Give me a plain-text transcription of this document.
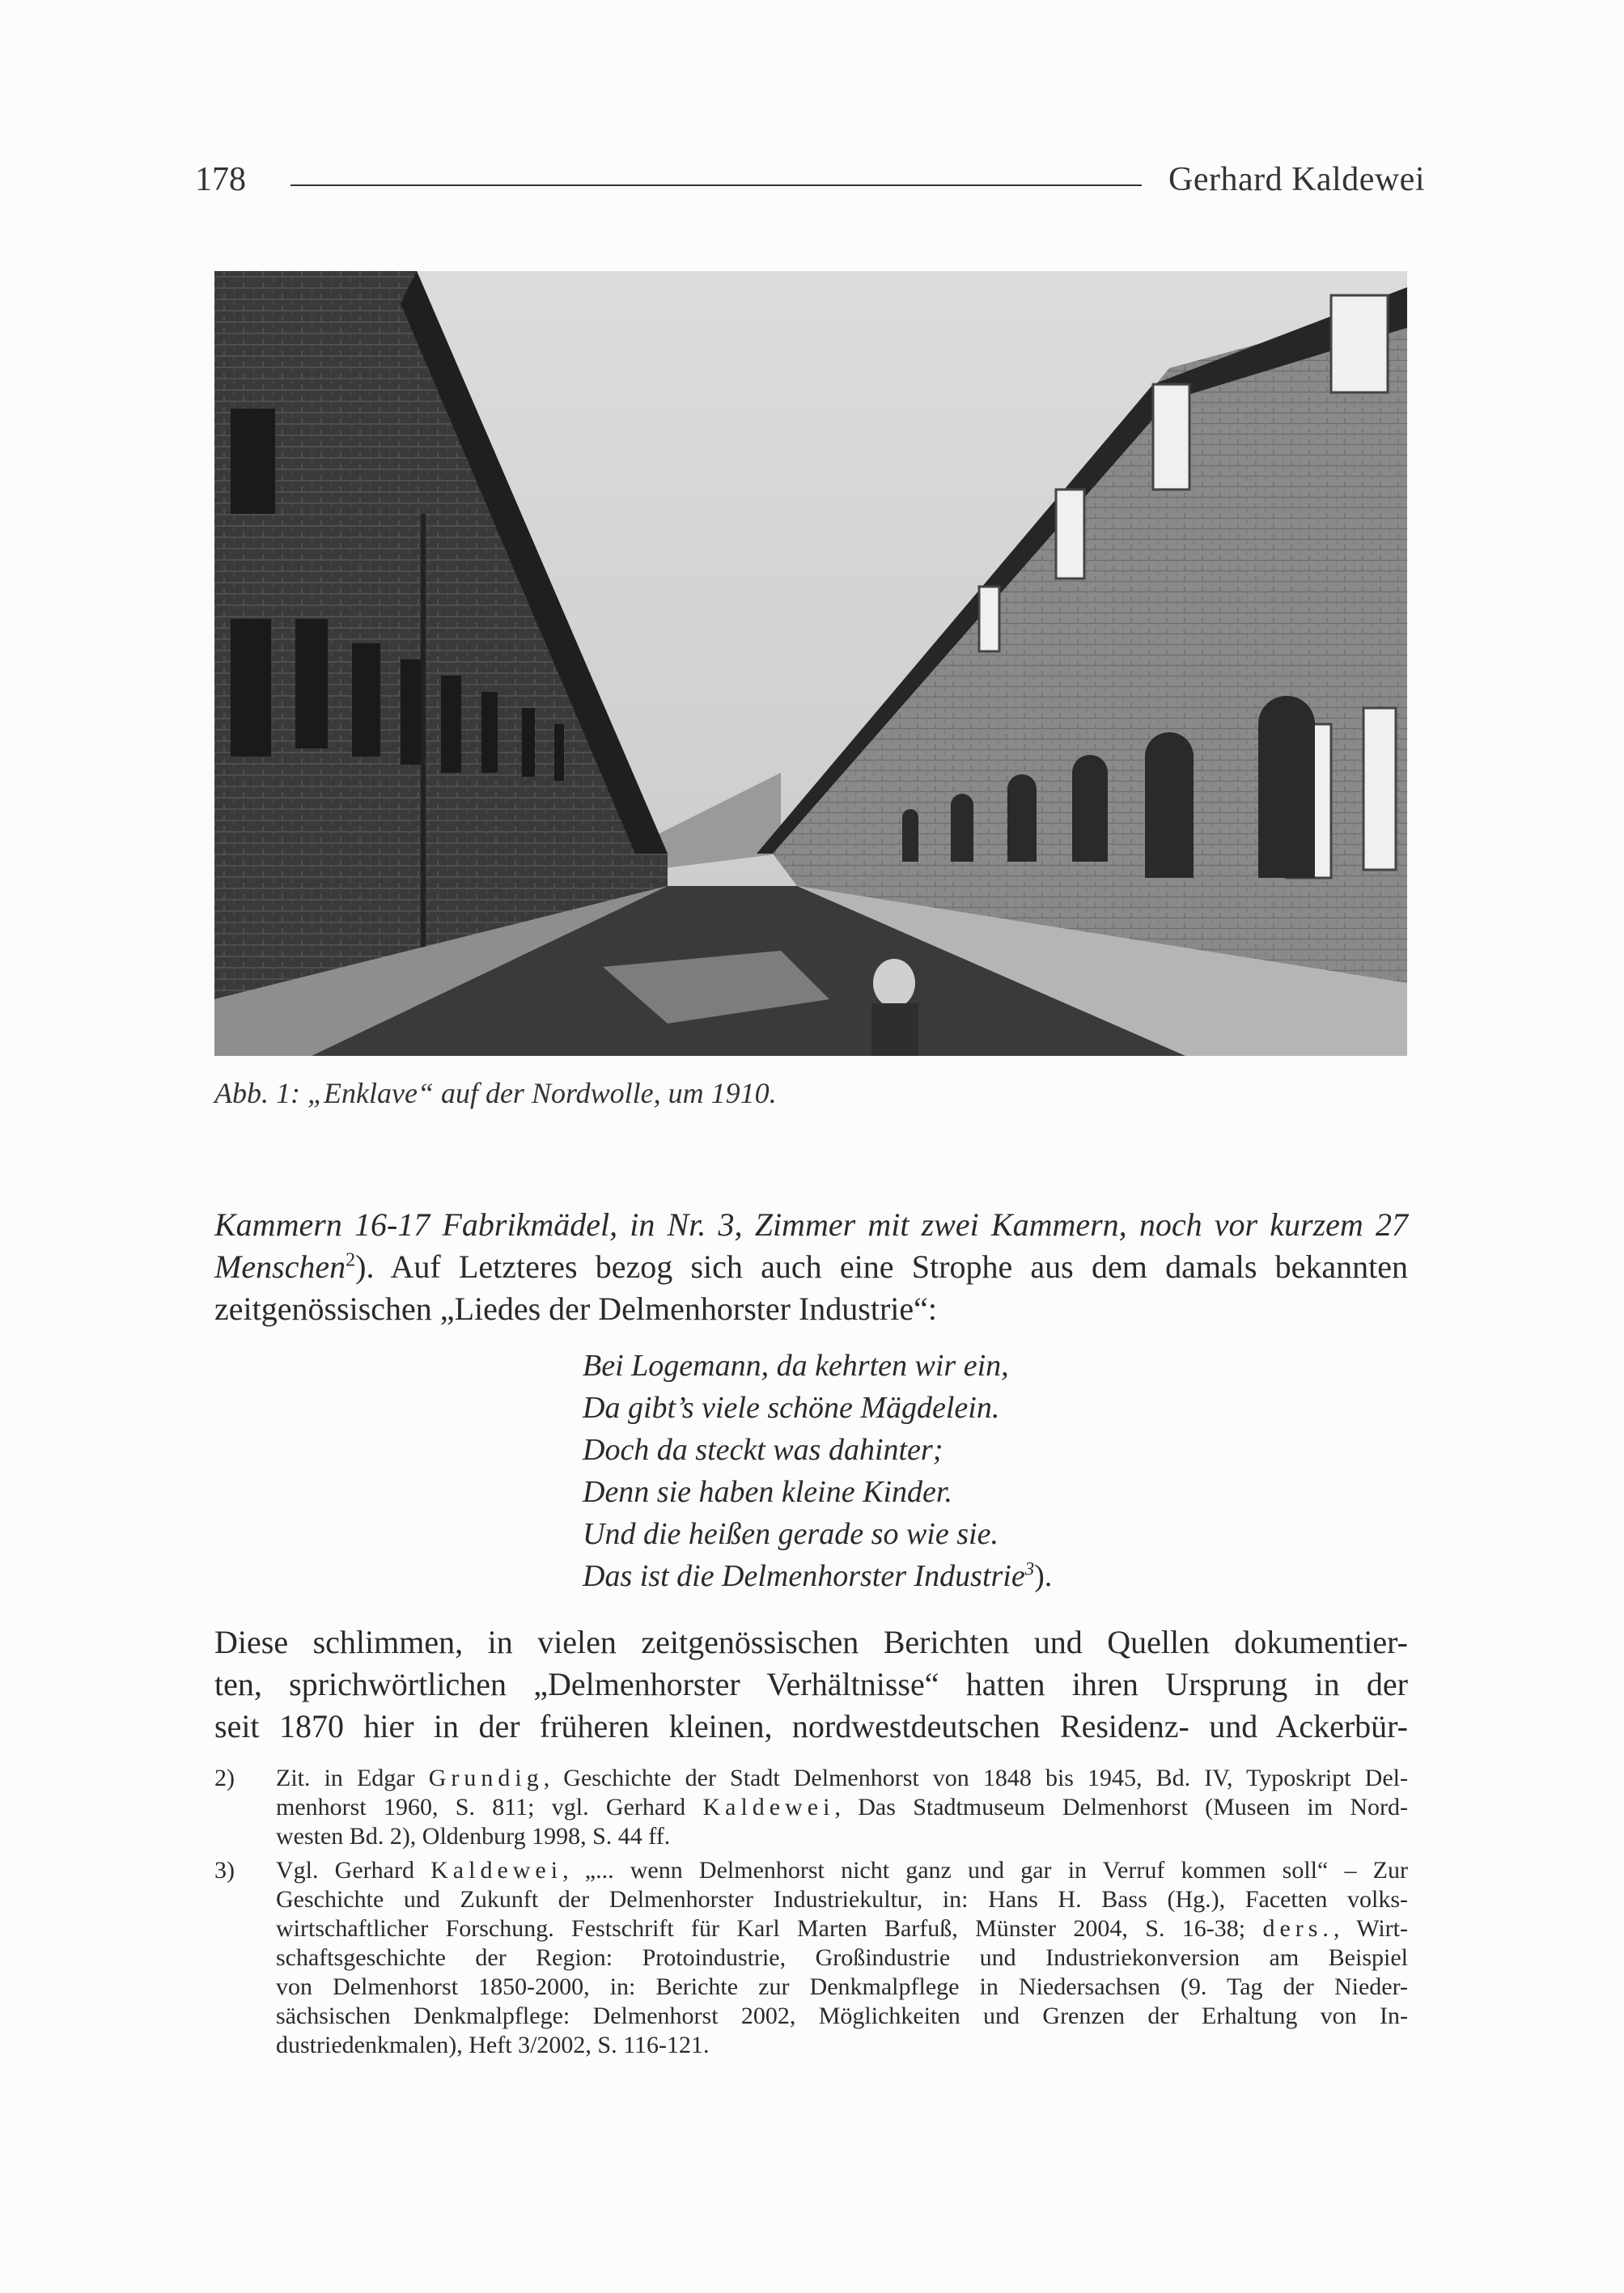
178	Gerhard Kaldewei
Abb. 1: „Enklave“ auf der Nordwolle, um 1910.
Kammern 16-17 Fabrikmädel, in Nr. 3, Zimmer mit zwei Kammern, noch vor kurzem 27
Menschen$^2$). Auf Letzteres bezog sich auch eine Strophe aus dem damals bekannten
zeitgenössischen „Liedes der Delmenhorster Industrie“:
Bei Logemann, da kehrten wir ein,
Da gibt’s viele schöne Mägdelein.
Doch da steckt was dahinter;
Denn sie haben kleine Kinder.
Und die heißen gerade so wie sie.
Das ist die Delmenhorster Industrie$^3$).
Diese schlimmen, in vielen zeitgenössischen Berichten und Quellen dokumentier-
ten, sprichwörtlichen „Delmenhorster Verhältnisse“ hatten ihren Ursprung in der
seit 1870 hier in der früheren kleinen, nordwestdeutschen Residenz- und Ackerbür-
2) Zit. in Edgar Grundig, Geschichte der Stadt Delmenhorst von 1848 bis 1945, Bd. IV, Typoskript Del-
menhorst 1960, S. 811; vgl. Gerhard Kaldewei, Das Stadtmuseum Delmenhorst (Museen im Nord-
westen Bd. 2), Oldenburg 1998, S. 44 ff.
3) Vgl. Gerhard Kaldewei, „... wenn Delmenhorst nicht ganz und gar in Verruf kommen soll“ – Zur
Geschichte und Zukunft der Delmenhorster Industriekultur, in: Hans H. Bass (Hg.), Facetten volks-
wirtschaftlicher Forschung. Festschrift für Karl Marten Barfuß, Münster 2004, S. 16-38; ders., Wirt-
schaftsgeschichte der Region: Protoindustrie, Großindustrie und Industriekonversion am Beispiel
von Delmenhorst 1850-2000, in: Berichte zur Denkmalpflege in Niedersachsen (9. Tag der Nieder-
sächsischen Denkmalpflege: Delmenhorst 2002, Möglichkeiten und Grenzen der Erhaltung von In-
dustriedenkmalen), Heft 3/2002, S. 116-121.
